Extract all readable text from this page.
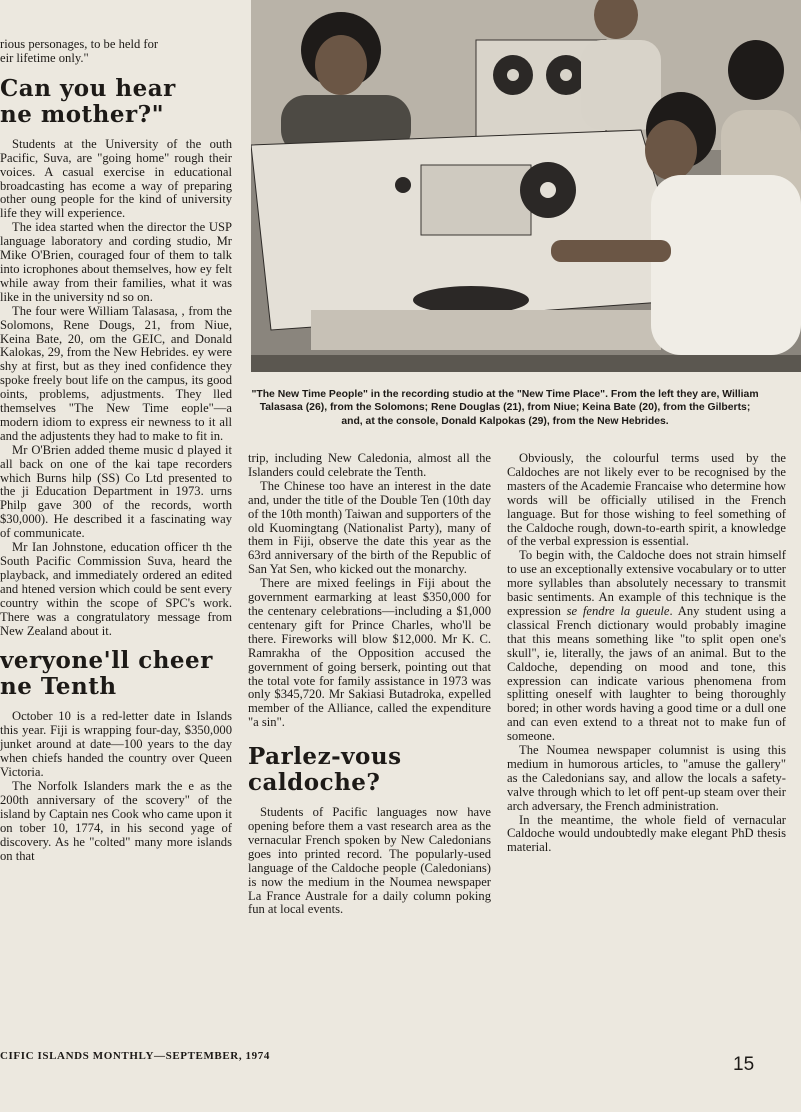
rious personages, to be held for

eir lifetime only."

Can you hear
ne mother?"

Students at the University of the outh Pacific, Suva, are "going home" rough their voices. A casual exercise in educational broadcasting has ecome a way of preparing other oung people for the kind of university life they will experience.

The idea started when the director the USP language laboratory and cording studio, Mr Mike O'Brien, couraged four of them to talk into icrophones about themselves, how ey felt while away from their families, what it was like in the university nd so on.

The four were William Talasasa, , from the Solomons, Rene Dougs, 21, from Niue, Keina Bate, 20, om the GEIC, and Donald Kalokas, 29, from the New Hebrides. ey were shy at first, but as they ined confidence they spoke freely bout life on the campus, its good oints, problems, adjustments. They lled themselves "The New Time eople"—a modern idiom to express eir newness to it all and the adjustents they had to make to fit in.

Mr O'Brien added theme music d played it all back on one of the kai tape recorders which Burns hilp (SS) Co Ltd presented to the ji Education Department in 1973. urns Philp gave 300 of the records, worth $30,000). He described it a fascinating way of communicate.

Mr Ian Johnstone, education officer th the South Pacific Commission Suva, heard the playback, and immediately ordered an edited and htened version which could be sent every country within the scope of SPC's work. There was a congratulatory message from New Zealand about it.

veryone'll cheer
ne Tenth

October 10 is a red-letter date in Islands this year. Fiji is wrapping four-day, $350,000 junket around at date—100 years to the day when chiefs handed the country over Queen Victoria.

The Norfolk Islanders mark the e as the 200th anniversary of the scovery" of the island by Captain nes Cook who came upon it on tober 10, 1774, in his second yage of discovery. As he "colted" many more islands on that

"The New Time People" in the recording studio at the "New Time Place". From the left they are, William Talasasa (26), from the Solomons; Rene Douglas (21), from Niue; Keina Bate (20), from the Gilberts; and, at the console, Donald Kalpokas (29), from the New Hebrides.

trip, including New Caledonia, almost all the Islanders could celebrate the Tenth.

The Chinese too have an interest in the date and, under the title of the Double Ten (10th day of the 10th month) Taiwan and supporters of the old Kuomingtang (Nationalist Party), many of them in Fiji, observe the date this year as the 63rd anniversary of the birth of the Republic of San Yat Sen, who kicked out the monarchy.

There are mixed feelings in Fiji about the government earmarking at least $350,000 for the centenary celebrations—including a $1,000 centenary gift for Prince Charles, who'll be there. Fireworks will blow $12,000. Mr K. C. Ramrakha of the Opposition accused the government of going berserk, pointing out that the total vote for family assistance in 1973 was only $345,720. Mr Sakiasi Butadroka, expelled member of the Alliance, called the expenditure "a sin".

Parlez-vous
caldoche?

Students of Pacific languages now have opening before them a vast research area as the vernacular French spoken by New Caledonians goes into printed record. The popularly-used language of the Caldoche people (Caledonians) is now the medium in the Noumea newspaper La France Australe for a daily column poking fun at local events.

Obviously, the colourful terms used by the Caldoches are not likely ever to be recognised by the masters of the Academie Francaise who determine how words will be officially utilised in the French language. But for those wishing to feel something of the Caldoche rough, down-to-earth spirit, a knowledge of the verbal expression is essential.

To begin with, the Caldoche does not strain himself to use an exceptionally extensive vocabulary or to utter more syllables than absolutely necessary to transmit basic sentiments. An example of this technique is the expression se fendre la gueule. Any student using a classical French dictionary would probably imagine that this means something like "to split open one's skull", ie, literally, the jaws of an animal. But to the Caldoche, depending on mood and tone, this expression can indicate various phenomena from splitting oneself with laughter to being thoroughly bored; in other words having a good time or a dull one and can even extend to a threat not to make fun of someone.

The Noumea newspaper columnist is using this medium in humorous articles, to "amuse the gallery" as the Caledonians say, and allow the locals a safety-valve through which to let off pent-up steam over their arch adversary, the French administration.

In the meantime, the whole field of vernacular Caldoche would undoubtedly make elegant PhD thesis material.

CIFIC ISLANDS MONTHLY—SEPTEMBER, 1974	15
